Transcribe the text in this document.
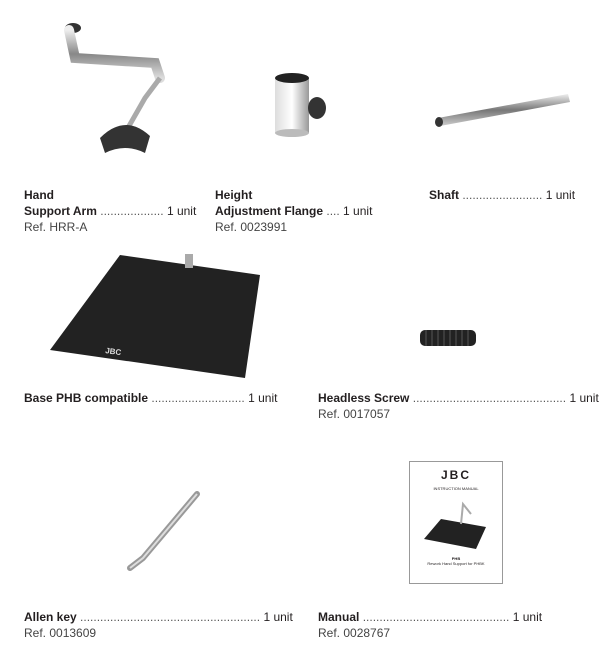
JBC
JBC
INSTRUCTION MANUAL
PHB
Rework Hand Support for PHBK
Hand
Support Arm ................... 1 unit
Ref. HRR-A
Height
Adjustment Flange .... 1 unit
Ref. 0023991
Shaft ........................ 1 unit
Base PHB compatible ............................ 1 unit	Headless Screw .............................................. 1 unit
Ref. 0017057
Allen key ...................................................... 1 unit
Ref. 0013609
Manual ............................................ 1 unit
Ref. 0028767
